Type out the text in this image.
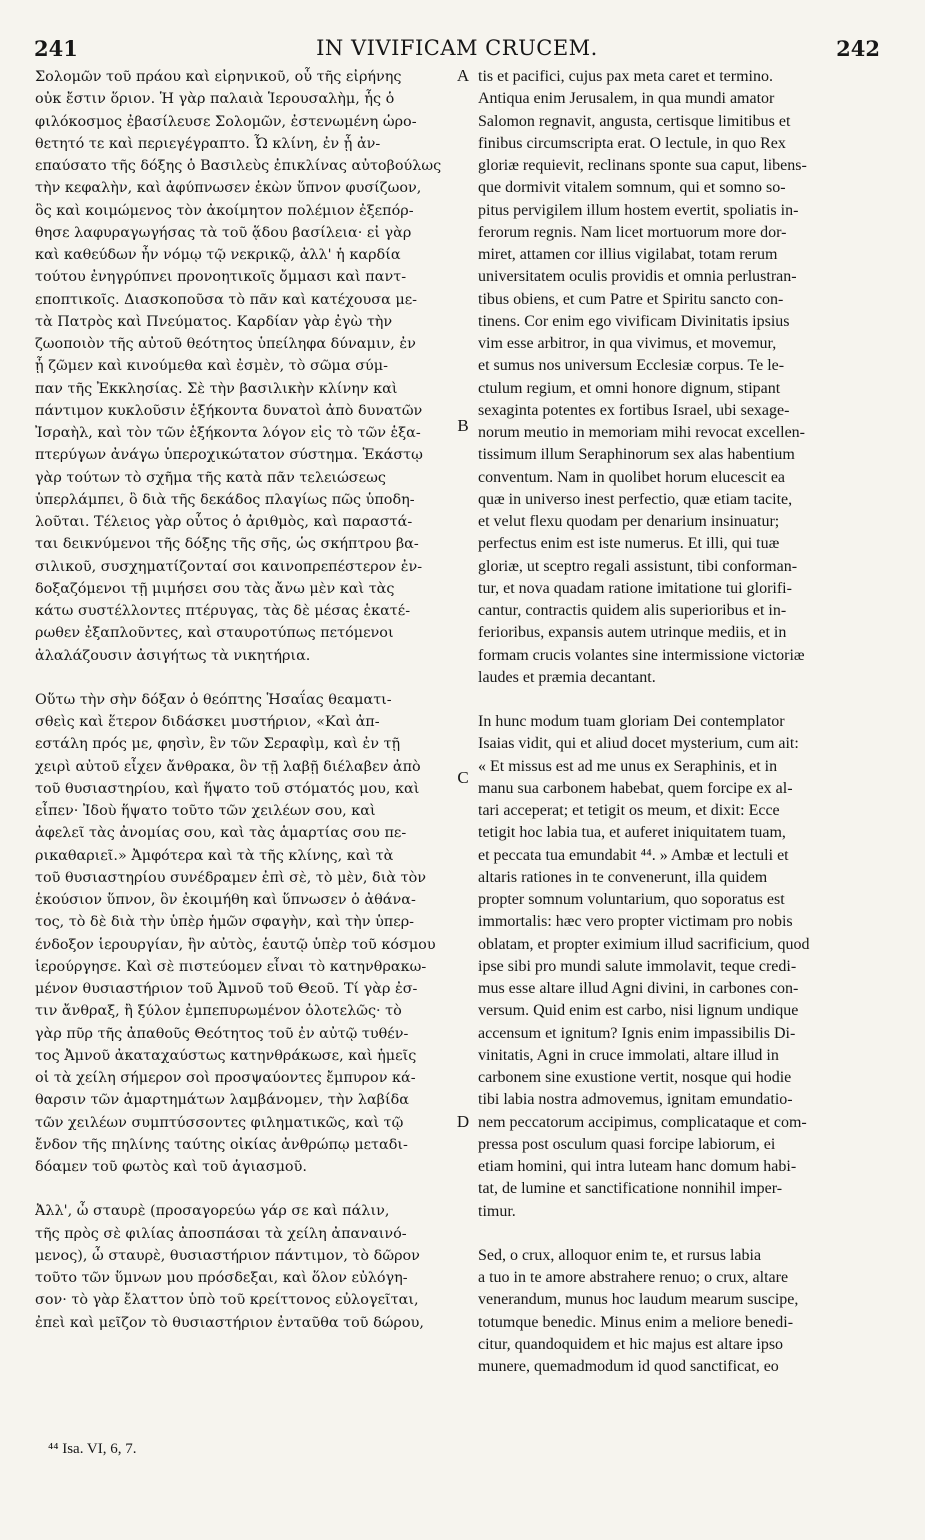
241	IN VIVIFICAM CRUCEM.	242
Σολομῶν τοῦ πράου καὶ εἰρηνικοῦ, οὗ τῆς εἰρήνης
οὐκ ἔστιν ὅριον. Ἡ γὰρ παλαιὰ Ἱερουσαλὴμ, ἧς ὁ
φιλόκοσμος ἐβασίλευσε Σολομῶν, ἐστενωμένη ὡρο-
θετητό τε καὶ περιεγέγραπτο. Ὦ κλίνη, ἐν ᾗ ἀν-
επαύσατο τῆς δόξης ὁ Βασιλεὺς ἐπικλίνας αὐτοβούλως
τὴν κεφαλὴν, καὶ ἀφύπνωσεν ἑκὼν ὕπνον φυσίζωον,
ὃς καὶ κοιμώμενος τὸν ἀκοίμητον πολέμιον ἐξεπόρ-
θησε λαφυραγωγήσας τὰ τοῦ ᾅδου βασίλεια· εἰ γὰρ
καὶ καθεύδων ἦν νόμῳ τῷ νεκρικῷ, ἀλλ' ἡ καρδία
τούτου ἐνηγρύπνει προνοητικοῖς ὄμμασι καὶ παντ-
εποπτικοῖς. Διασκοποῦσα τὸ πᾶν καὶ κατέχουσα με-
τὰ Πατρὸς καὶ Πνεύματος. Καρδίαν γὰρ ἐγὼ τὴν
ζωοποιὸν τῆς αὐτοῦ θεότητος ὑπείληφα δύναμιν, ἐν
ᾗ ζῶμεν καὶ κινούμεθα καὶ ἐσμὲν, τὸ σῶμα σύμ-
παν τῆς Ἐκκλησίας. Σὲ τὴν βασιλικὴν κλίνην καὶ
πάντιμον κυκλοῦσιν ἑξήκοντα δυνατοὶ ἀπὸ δυνατῶν
Ἰσραὴλ, καὶ τὸν τῶν ἑξήκοντα λόγον εἰς τὸ τῶν ἑξα-
πτερύγων ἀνάγω ὑπεροχικώτατον σύστημα. Ἑκάστῳ
γὰρ τούτων τὸ σχῆμα τῆς κατὰ πᾶν τελειώσεως
ὑπερλάμπει, ὃ διὰ τῆς δεκάδος πλαγίως πῶς ὑποδη-
λοῦται. Τέλειος γὰρ οὗτος ὁ ἀριθμὸς, καὶ παραστά-
ται δεικνύμενοι τῆς δόξης τῆς σῆς, ὡς σκήπτρου βα-
σιλικοῦ, συσχηματίζονταί σοι καινοπρεπέστερον ἐν-
δοξαζόμενοι τῇ μιμήσει σου τὰς ἄνω μὲν καὶ τὰς
κάτω συστέλλοντες πτέρυγας, τὰς δὲ μέσας ἑκατέ-
ρωθεν ἐξαπλοῦντες, καὶ σταυροτύπως πετόμενοι
ἀλαλάζουσιν ἀσιγήτως τὰ νικητήρια.
Οὕτω τὴν σὴν δόξαν ὁ θεόπτης Ἡσαΐας θεαματι-
σθεὶς καὶ ἕτερον διδάσκει μυστήριον, «Καὶ ἀπ-
εστάλη πρός με, φησὶν, ἓν τῶν Σεραφὶμ, καὶ ἐν τῇ
χειρὶ αὐτοῦ εἶχεν ἄνθρακα, ὃν τῇ λαβῇ διέλαβεν ἀπὸ
τοῦ θυσιαστηρίου, καὶ ἥψατο τοῦ στόματός μου, καὶ
εἶπεν· Ἰδοὺ ἥψατο τοῦτο τῶν χειλέων σου, καὶ
ἀφελεῖ τὰς ἀνομίας σου, καὶ τὰς ἁμαρτίας σου πε-
ρικαθαριεῖ.» Ἀμφότερα καὶ τὰ τῆς κλίνης, καὶ τὰ
τοῦ θυσιαστηρίου συνέδραμεν ἐπὶ σὲ, τὸ μὲν, διὰ τὸν
ἑκούσιον ὕπνον, ὃν ἐκοιμήθη καὶ ὕπνωσεν ὁ ἀθάνα-
τος, τὸ δὲ διὰ τὴν ὑπὲρ ἡμῶν σφαγὴν, καὶ τὴν ὑπερ-
ένδοξον ἱερουργίαν, ἣν αὐτὸς, ἑαυτῷ ὑπὲρ τοῦ κόσμου
ἱερούργησε. Καὶ σὲ πιστεύομεν εἶναι τὸ κατηνθρακω-
μένον θυσιαστήριον τοῦ Ἀμνοῦ τοῦ Θεοῦ. Τί γὰρ ἐσ-
τιν ἄνθραξ, ἢ ξύλον ἐμπεπυρωμένον ὁλοτελῶς· τὸ
γὰρ πῦρ τῆς ἀπαθοῦς Θεότητος τοῦ ἐν αὐτῷ τυθέν-
τος Ἀμνοῦ ἀκαταχαύστως κατηνθράκωσε, καὶ ἡμεῖς
οἱ τὰ χείλη σήμερον σοὶ προσψαύοντες ἔμπυρον κά-
θαρσιν τῶν ἁμαρτημάτων λαμβάνομεν, τὴν λαβίδα
τῶν χειλέων συμπτύσσοντες φιληματικῶς, καὶ τῷ
ἔνδον τῆς πηλίνης ταύτης οἰκίας ἀνθρώπῳ μεταδι-
δόαμεν τοῦ φωτὸς καὶ τοῦ ἁγιασμοῦ.
Ἀλλ', ὦ σταυρὲ (προσαγορεύω γάρ σε καὶ πάλιν,
τῆς πρὸς σὲ φιλίας ἀποσπάσαι τὰ χείλη ἀπαναινό-
μενος), ὦ σταυρὲ, θυσιαστήριον πάντιμον, τὸ δῶρον
τοῦτο τῶν ὕμνων μου πρόσδεξαι, καὶ ὅλον εὐλόγη-
σον· τὸ γὰρ ἔλαττον ὑπὸ τοῦ κρείττονος εὐλογεῖται,
ἐπεὶ καὶ μεῖζον τὸ θυσιαστήριον ἐνταῦθα τοῦ δώρου,
tis et pacifici, cujus pax meta caret et termino.
Antiqua enim Jerusalem, in qua mundi amator
Salomon regnavit, angusta, certisque limitibus et
finibus circumscripta erat. O lectule, in quo Rex
gloriæ requievit, reclinans sponte sua caput, libens-
que dormivit vitalem somnum, qui et somno so-
pitus pervigilem illum hostem evertit, spoliatis in-
ferorum regnis. Nam licet mortuorum more dor-
miret, attamen cor illius vigilabat, totam rerum
universitatem oculis providis et omnia perlustran-
tibus obiens, et cum Patre et Spiritu sancto con-
tinens. Cor enim ego vivificam Divinitatis ipsius
vim esse arbitror, in qua vivimus, et movemur,
et sumus nos universum Ecclesiæ corpus. Te le-
ctulum regium, et omni honore dignum, stipant
sexaginta potentes ex fortibus Israel, ubi sexage-
norum meutio in memoriam mihi revocat excellen-
tissimum illum Seraphinorum sex alas habentium
conventum. Nam in quolibet horum elucescit ea
quæ in universo inest perfectio, quæ etiam tacite,
et velut flexu quodam per denarium insinuatur;
perfectus enim est iste numerus. Et illi, qui tuæ
gloriæ, ut sceptro regali assistunt, tibi conforman-
tur, et nova quadam ratione imitatione tui glorifi-
cantur, contractis quidem alis superioribus et in-
ferioribus, expansis autem utrinque mediis, et in
formam crucis volantes sine intermissione victoriæ
laudes et præmia decantant.
In hunc modum tuam gloriam Dei contemplator
Isaias vidit, qui et aliud docet mysterium, cum ait:
« Et missus est ad me unus ex Seraphinis, et in
manu sua carbonem habebat, quem forcipe ex al-
tari acceperat; et tetigit os meum, et dixit: Ecce
tetigit hoc labia tua, et auferet iniquitatem tuam,
et peccata tua emundabit ⁴⁴. » Ambæ et lectuli et
altaris rationes in te convenerunt, illa quidem
propter somnum voluntarium, quo soporatus est
immortalis: hæc vero propter victimam pro nobis
oblatam, et propter eximium illud sacrificium, quod
ipse sibi pro mundi salute immolavit, teque credi-
mus esse altare illud Agni divini, in carbones con-
versum. Quid enim est carbo, nisi lignum undique
accensum et ignitum? Ignis enim impassibilis Di-
vinitatis, Agni in cruce immolati, altare illud in
carbonem sine exustione vertit, nosque qui hodie
tibi labia nostra admovemus, ignitam emundatio-
nem peccatorum accipimus, complicataque et com-
pressa post osculum quasi forcipe labiorum, ei
etiam homini, qui intra luteam hanc domum habi-
tat, de lumine et sanctificatione nonnihil imper-
timur.
Sed, o crux, alloquor enim te, et rursus labia
a tuo in te amore abstrahere renuo; o crux, altare
venerandum, munus hoc laudum mearum suscipe,
totumque benedic. Minus enim a meliore benedi-
citur, quandoquidem et hic majus est altare ipso
munere, quemadmodum id quod sanctificat, eo
A
B
C
D
⁴⁴ Isa. VI, 6, 7.
